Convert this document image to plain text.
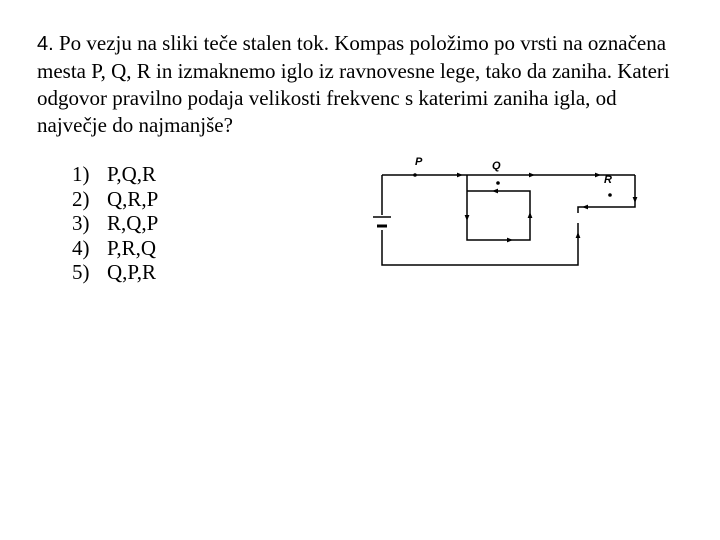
4. Po vezju na sliki teče stalen tok. Kompas položimo po vrsti na označena mesta P, Q, R in izmaknemo iglo iz ravnovesne lege, tako da zaniha. Kateri odgovor pravilno podaja velikosti frekvenc s katerimi zaniha igla, od največje do najmanjše?
1) P,Q,R
2) Q,R,P
3) R,Q,P
4) P,R,Q
5) Q,P,R
P	Q
R
